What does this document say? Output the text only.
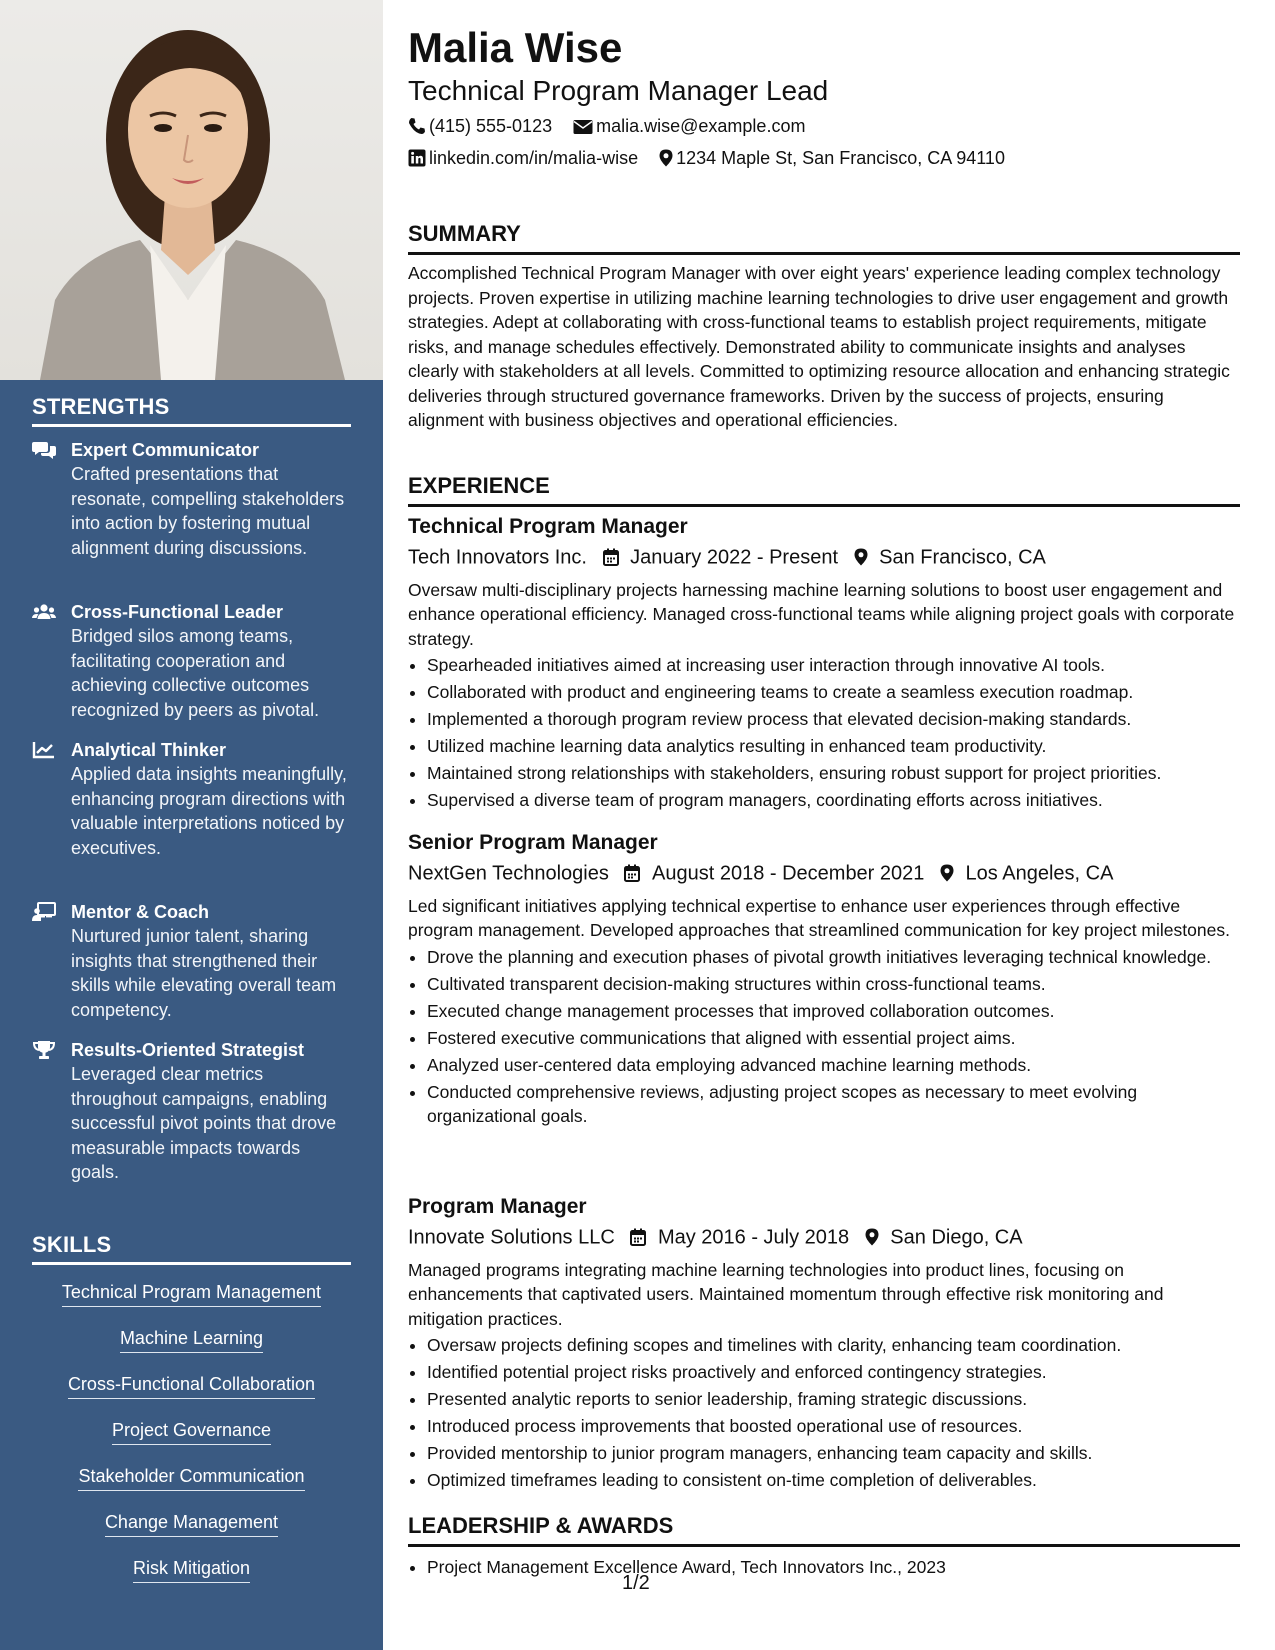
STRENGTHS
Expert Communicator
Crafted presentations that resonate, compelling stakeholders into action by fostering mutual alignment during discussions.
Cross-Functional Leader
Bridged silos among teams, facilitating cooperation and achieving collective outcomes recognized by peers as pivotal.
Analytical Thinker
Applied data insights meaningfully, enhancing program directions with valuable interpretations noticed by executives.
Mentor & Coach
Nurtured junior talent, sharing insights that strengthened their skills while elevating overall team competency.
Results-Oriented Strategist
Leveraged clear metrics throughout campaigns, enabling successful pivot points that drove measurable impacts towards goals.
SKILLS
Technical Program Management
Machine Learning
Cross-Functional Collaboration
Project Governance
Stakeholder Communication
Change Management
Risk Mitigation
Malia Wise
Technical Program Manager Lead
(415) 555-0123 malia.wise@example.com
linkedin.com/in/malia-wise 1234 Maple St, San Francisco, CA 94110
SUMMARY

Accomplished Technical Program Manager with over eight years' experience leading complex technology projects. Proven expertise in utilizing machine learning technologies to drive user engagement and growth strategies. Adept at collaborating with cross-functional teams to establish project requirements, mitigate risks, and manage schedules effectively. Demonstrated ability to communicate insights and analyses clearly with stakeholders at all levels. Committed to optimizing resource allocation and enhancing strategic deliveries through structured governance frameworks. Driven by the success of projects, ensuring alignment with business objectives and operational efficiencies.

EXPERIENCE
Technical Program Manager
Tech Innovators Inc. January 2022 - Present San Francisco, CA

Oversaw multi-disciplinary projects harnessing machine learning solutions to boost user engagement and enhance operational efficiency. Managed cross-functional teams while aligning project goals with corporate strategy.

• Spearheaded initiatives aimed at increasing user interaction through innovative AI tools.
• Collaborated with product and engineering teams to create a seamless execution roadmap.
• Implemented a thorough program review process that elevated decision-making standards.
• Utilized machine learning data analytics resulting in enhanced team productivity.
• Maintained strong relationships with stakeholders, ensuring robust support for project priorities.
• Supervised a diverse team of program managers, coordinating efforts across initiatives.
Senior Program Manager
NextGen Technologies August 2018 - December 2021 Los Angeles, CA

Led significant initiatives applying technical expertise to enhance user experiences through effective program management. Developed approaches that streamlined communication for key project milestones.

• Drove the planning and execution phases of pivotal growth initiatives leveraging technical knowledge.
• Cultivated transparent decision-making structures within cross-functional teams.
• Executed change management processes that improved collaboration outcomes.
• Fostered executive communications that aligned with essential project aims.
• Analyzed user-centered data employing advanced machine learning methods.
• Conducted comprehensive reviews, adjusting project scopes as necessary to meet evolving organizational goals.
Program Manager
Innovate Solutions LLC May 2016 - July 2018 San Diego, CA

Managed programs integrating machine learning technologies into product lines, focusing on enhancements that captivated users. Maintained momentum through effective risk monitoring and mitigation practices.

• Oversaw projects defining scopes and timelines with clarity, enhancing team coordination.
• Identified potential project risks proactively and enforced contingency strategies.
• Presented analytic reports to senior leadership, framing strategic discussions.
• Introduced process improvements that boosted operational use of resources.
• Provided mentorship to junior program managers, enhancing team capacity and skills.
• Optimized timeframes leading to consistent on-time completion of deliverables.
LEADERSHIP & AWARDS
• Project Management Excellence Award, Tech Innovators Inc., 2023
1/2
